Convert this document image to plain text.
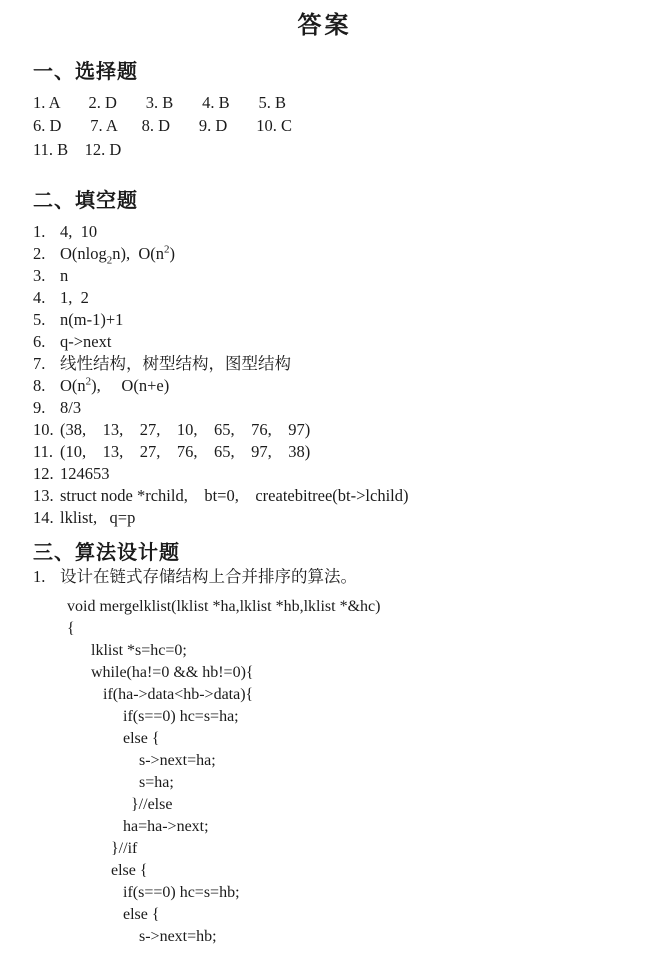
答案
一、选择题
1. A       2. D       3. B       4. B       5. B
6. D       7. A      8. D       9. D       10. C
11. B    12. D
二、填空题
1. 4,  10
2. O(nlog$_2$n),  $O(n^2)$
3. n
4. 1,  2
5. n(m-1)+1
6. q->next
7. 线性结构，树型结构，图型结构
8. $O(n^2)$,     O(n+e)
9. 8/3
10. (38,    13,    27,    10,    65,    76,    97)
11. (10,    13,    27,    76,    65,    97,    38)
12. 124653
13. struct node *rchild,    bt=0,    createbitree(bt->lchild)
14. lklist,   q=p
三、算法设计题
1. 设计在链式存储结构上合并排序的算法。
void mergelklist(lklist *ha,lklist *hb,lklist *&hc)
{
lklist *s=hc=0;
while(ha!=0 && hb!=0){
if(ha->data<hb->data){
if(s==0) hc=s=ha;
else {
s->next=ha;
s=ha;
}//else
ha=ha->next;
}//if
else {
if(s==0) hc=s=hb;
else {
s->next=hb;
